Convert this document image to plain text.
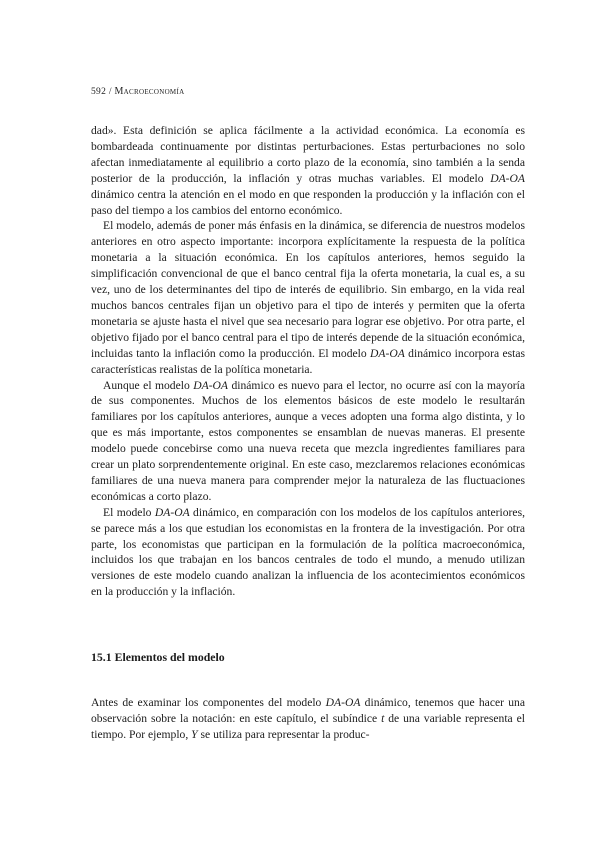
592 / Macroeconomía

dad». Esta definición se aplica fácilmente a la actividad económica. La economía es bombardeada continuamente por distintas perturbaciones. Estas perturbaciones no solo afectan inmediatamente al equilibrio a corto plazo de la economía, sino también a la senda posterior de la producción, la inflación y otras muchas variables. El modelo DA-OA dinámico centra la atención en el modo en que responden la producción y la inflación con el paso del tiempo a los cambios del entorno económico.

El modelo, además de poner más énfasis en la dinámica, se diferencia de nuestros modelos anteriores en otro aspecto importante: incorpora explícitamente la respuesta de la política monetaria a la situación económica. En los capítulos anteriores, hemos seguido la simplificación convencional de que el banco central fija la oferta monetaria, la cual es, a su vez, uno de los determinantes del tipo de interés de equilibrio. Sin embargo, en la vida real muchos bancos centrales fijan un objetivo para el tipo de interés y permiten que la oferta monetaria se ajuste hasta el nivel que sea necesario para lograr ese objetivo. Por otra parte, el objetivo fijado por el banco central para el tipo de interés depende de la situación económica, incluidas tanto la inflación como la producción. El modelo DA-OA dinámico incorpora estas características realistas de la política monetaria.

Aunque el modelo DA-OA dinámico es nuevo para el lector, no ocurre así con la mayoría de sus componentes. Muchos de los elementos básicos de este modelo le resultarán familiares por los capítulos anteriores, aunque a veces adopten una forma algo distinta, y lo que es más importante, estos componentes se ensamblan de nuevas maneras. El presente modelo puede concebirse como una nueva receta que mezcla ingredientes familiares para crear un plato sorprendentemente original. En este caso, mezclaremos relaciones económicas familiares de una nueva manera para comprender mejor la naturaleza de las fluctuaciones económicas a corto plazo.

El modelo DA-OA dinámico, en comparación con los modelos de los capítulos anteriores, se parece más a los que estudian los economistas en la frontera de la investigación. Por otra parte, los economistas que participan en la formulación de la política macroeconómica, incluidos los que trabajan en los bancos centrales de todo el mundo, a menudo utilizan versiones de este modelo cuando analizan la influencia de los acontecimientos económicos en la producción y la inflación.

15.1 Elementos del modelo

Antes de examinar los componentes del modelo DA-OA dinámico, tenemos que hacer una observación sobre la notación: en este capítulo, el subíndice t de una variable representa el tiempo. Por ejemplo, Y se utiliza para representar la produc-
